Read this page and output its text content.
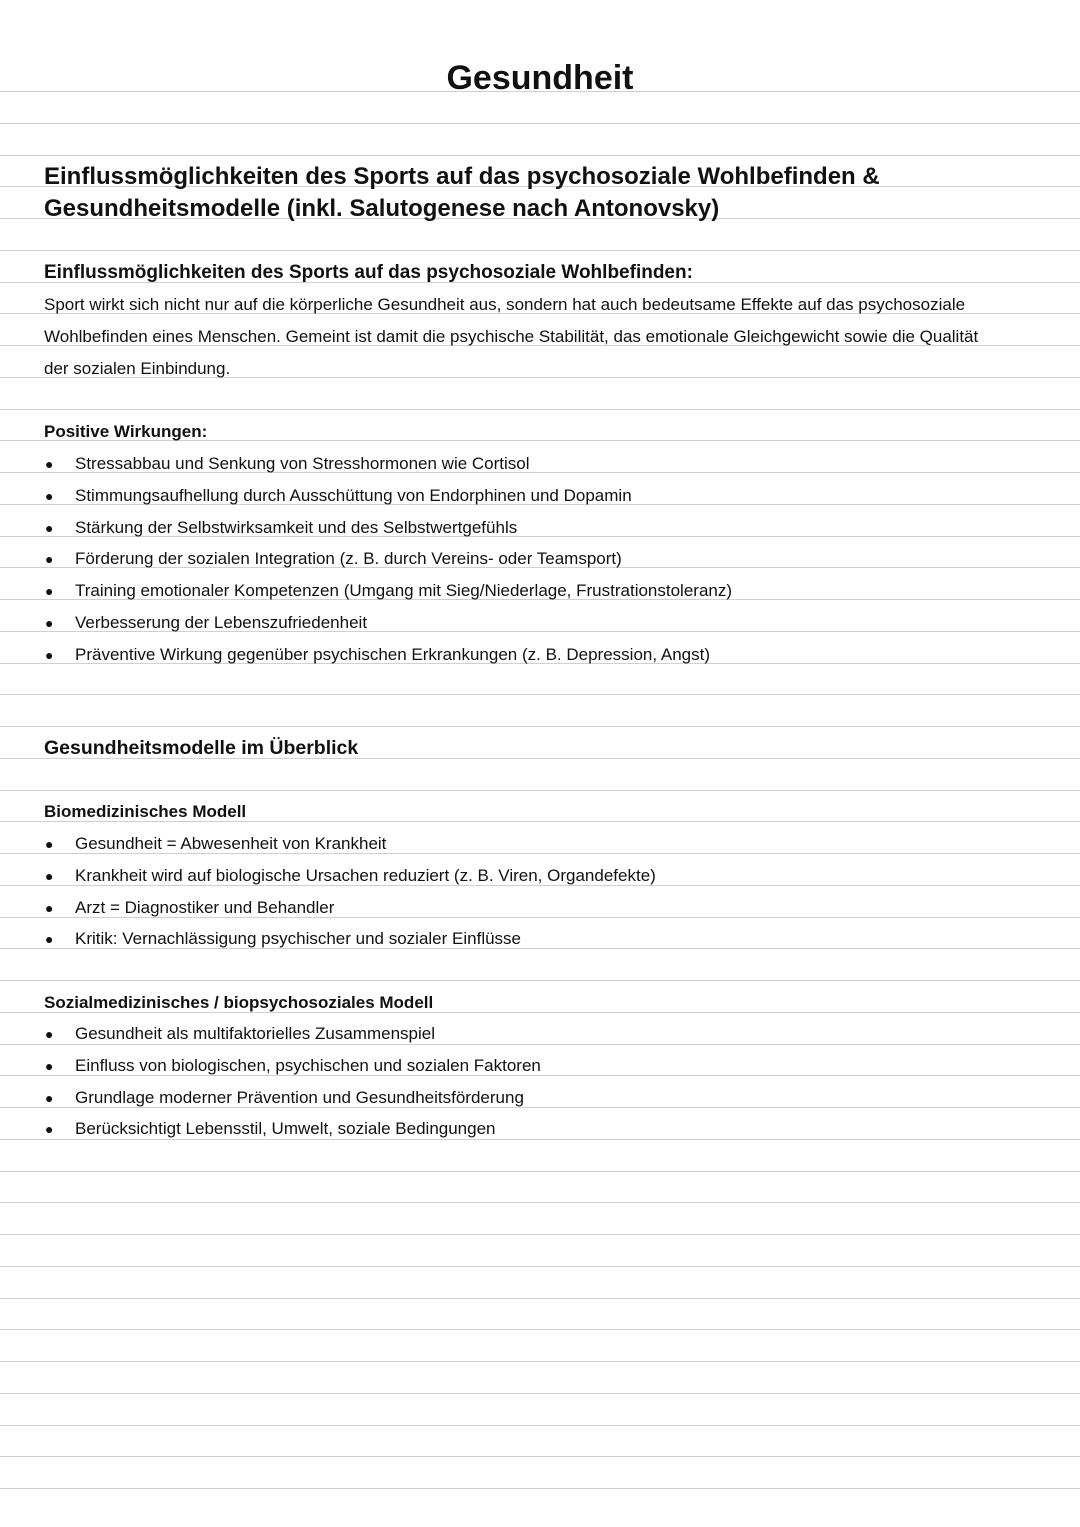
Gesundheit
Einflussmöglichkeiten des Sports auf das psychosoziale Wohlbefinden &
Gesundheitsmodelle (inkl. Salutogenese nach Antonovsky)
Einflussmöglichkeiten des Sports auf das psychosoziale Wohlbefinden:
Sport wirkt sich nicht nur auf die körperliche Gesundheit aus, sondern hat auch bedeutsame Effekte auf das psychosoziale
Wohlbefinden eines Menschen. Gemeint ist damit die psychische Stabilität, das emotionale Gleichgewicht sowie die Qualität
der sozialen Einbindung.
Positive Wirkungen:
● Stressabbau und Senkung von Stresshormonen wie Cortisol
● Stimmungsaufhellung durch Ausschüttung von Endorphinen und Dopamin
● Stärkung der Selbstwirksamkeit und des Selbstwertgefühls
● Förderung der sozialen Integration (z. B. durch Vereins- oder Teamsport)
● Training emotionaler Kompetenzen (Umgang mit Sieg/Niederlage, Frustrationstoleranz)
● Verbesserung der Lebenszufriedenheit
● Präventive Wirkung gegenüber psychischen Erkrankungen (z. B. Depression, Angst)
Gesundheitsmodelle im Überblick
Biomedizinisches Modell
● Gesundheit = Abwesenheit von Krankheit
● Krankheit wird auf biologische Ursachen reduziert (z. B. Viren, Organdefekte)
● Arzt = Diagnostiker und Behandler
● Kritik: Vernachlässigung psychischer und sozialer Einflüsse
Sozialmedizinisches / biopsychosoziales Modell
● Gesundheit als multifaktorielles Zusammenspiel
● Einfluss von biologischen, psychischen und sozialen Faktoren
● Grundlage moderner Prävention und Gesundheitsförderung
● Berücksichtigt Lebensstil, Umwelt, soziale Bedingungen
